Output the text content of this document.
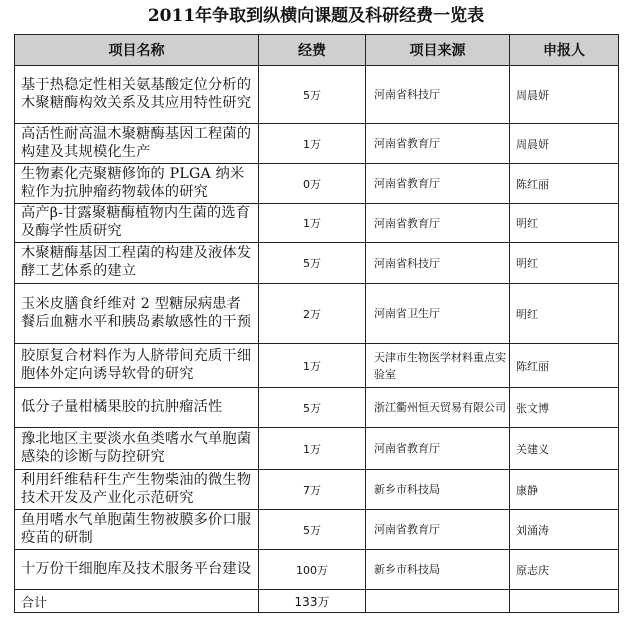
2011年争取到纵横向课题及科研经费一览表
项目名称	经费	项目来源	申报人
基于热稳定性相关氨基酸定位分析的木聚糖酶构效关系及其应用特性研究	5万	河南省科技厅	周晨妍
高活性耐高温木聚糖酶基因工程菌的构建及其规模化生产	1万	河南省教育厅	周晨妍
生物素化壳聚糖修饰的 PLGA 纳米粒作为抗肿瘤药物载体的研究	0万	河南省教育厅	陈红丽
高产β-甘露聚糖酶植物内生菌的选育及酶学性质研究	1万	河南省教育厅	明红
木聚糖酶基因工程菌的构建及液体发酵工艺体系的建立	5万	河南省科技厅	明红
玉米皮膳食纤维对 2 型糖尿病患者餐后血糖水平和胰岛素敏感性的干预	2万	河南省卫生厅	明红
胶原复合材料作为人脐带间充质干细胞体外定向诱导软骨的研究	1万	天津市生物医学材料重点实验室	陈红丽
低分子量柑橘果胶的抗肿瘤活性	5万	浙江衢州恒天贸易有限公司	张文博
豫北地区主要淡水鱼类嗜水气单胞菌感染的诊断与防控研究	1万	河南省教育厅	关建义
利用纤维秸秆生产生物柴油的微生物技术开发及产业化示范研究	7万	新乡市科技局	康静
鱼用嗜水气单胞菌生物被膜多价口服疫苗的研制	5万	河南省教育厅	刘涌涛
十万份干细胞库及技术服务平台建设	100万	新乡市科技局	原志庆
合计	133万		
